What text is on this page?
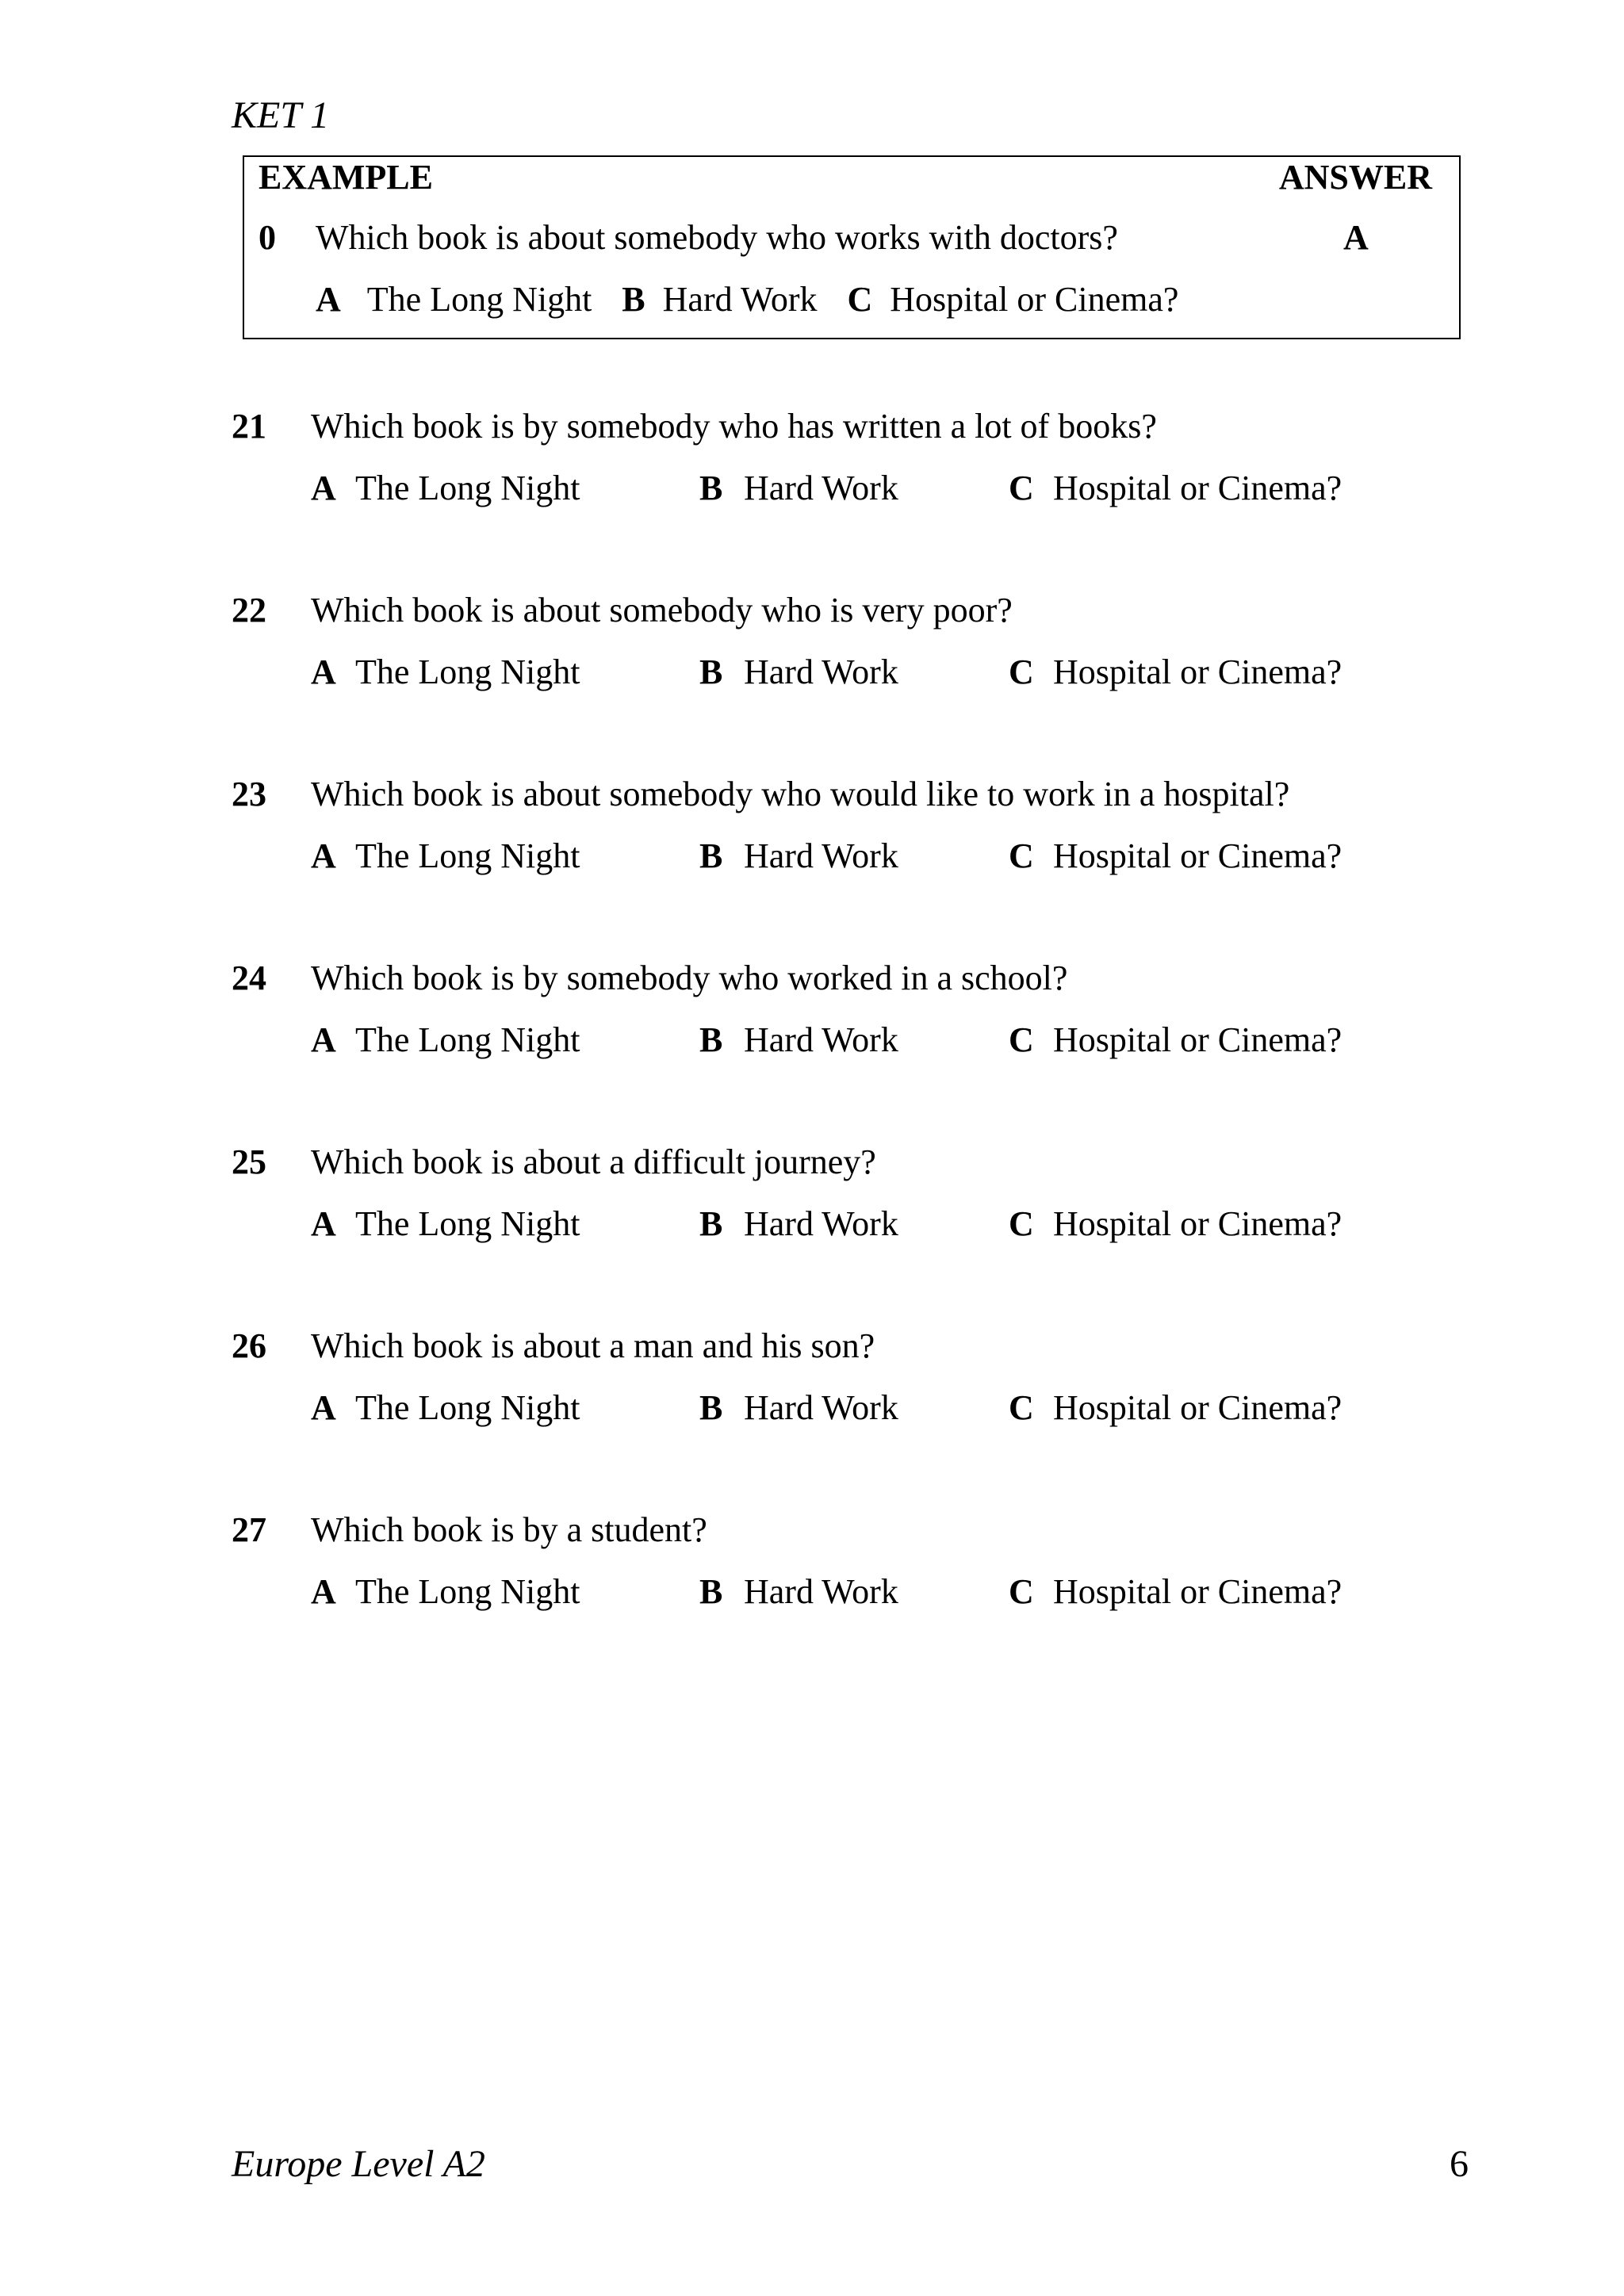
KET 1
EXAMPLE	ANSWER
0 Which book is about somebody who works with doctors?	A
A The Long Night B Hard Work C Hospital or Cinema?
21 Which book is by somebody who has written a lot of books?
A The Long Night	B Hard Work	C Hospital or Cinema?
22 Which book is about somebody who is very poor?
A The Long Night	B Hard Work	C Hospital or Cinema?
23 Which book is about somebody who would like to work in a hospital?
A The Long Night	B Hard Work	C Hospital or Cinema?
24 Which book is by somebody who worked in a school?
A The Long Night	B Hard Work	C Hospital or Cinema?
25 Which book is about a difficult journey?
A The Long Night	B Hard Work	C Hospital or Cinema?
26 Which book is about a man and his son?
A The Long Night	B Hard Work	C Hospital or Cinema?
27 Which book is by a student?
A The Long Night	B Hard Work	C Hospital or Cinema?
Europe Level A2	6
